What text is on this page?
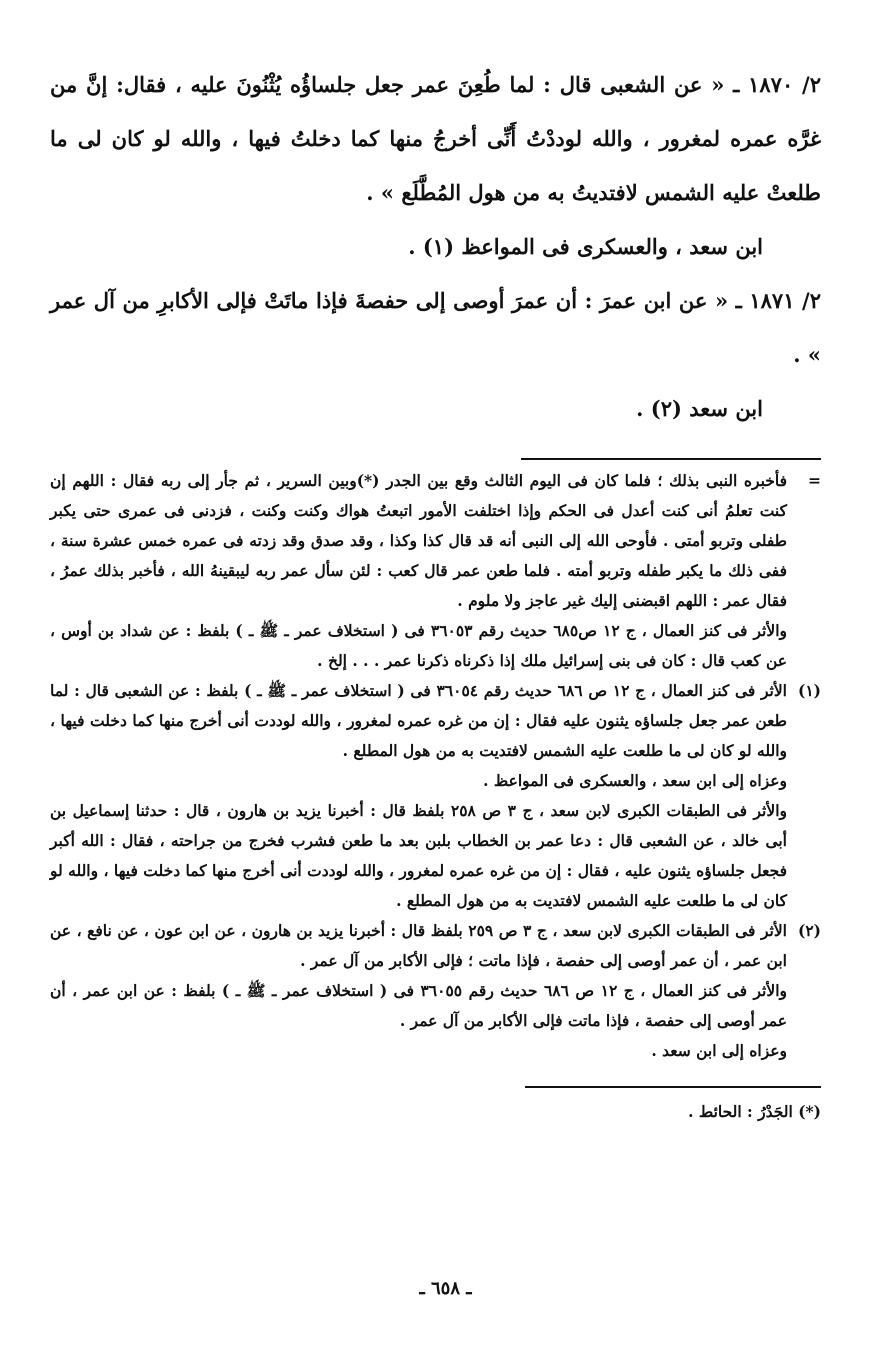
٢/ ١٨٧٠ ـ « عن الشعبى قال : لما طُعِنَ عمر جعل جلساؤُه يُثْنُونَ عليه ، فقال: إنَّ من غرَّه عمره لمغرور ، والله لوددْتُ أَنِّى أخرجُ منها كما دخلتُ فيها ، والله لو كان لى ما طلعتْ عليه الشمس لافتديتُ به من هول المُطَّلَع » .

ابن سعد ، والعسكرى فى المواعظ (١) .

٢/ ١٨٧١ ـ « عن ابن عمرَ : أن عمرَ أوصى إلى حفصةَ فإذا ماتَتْ فإلى الأكابرِ من آل عمر » .

ابن سعد (٢) .

=
فأخبره النبى بذلك ؛ فلما كان فى اليوم الثالث وقع بين الجدر (*)وبين السرير ، ثم جأر إلى ربه فقال : اللهم إن كنت تعلمُ أنى كنت أعدل فى الحكم وإذا اختلفت الأمور اتبعتُ هواك وكنت وكنت ، فزدنى فى عمرى حتى يكبر طفلى وتربو أمتى . فأوحى الله إلى النبى أنه قد قال كذا وكذا ، وقد صدق وقد زدته فى عمره خمس عشرة سنة ، ففى ذلك ما يكبر طفله وتربو أمته . فلما طعن عمر قال كعب : لئن سأل عمر ربه ليبقينهُ الله ، فأخبر بذلك عمرُ ، فقال عمر : اللهم اقبضنى إليك غير عاجز ولا ملوم .

والأثر فى كنز العمال ، ج ١٢ ص٦٨٥ حديث رقم ٣٦٠٥٣ فى ( استخلاف عمر ـ ﷺ ـ ) بلفظ : عن شداد بن أوس ، عن كعب قال : كان فى بنى إسرائيل ملك إذا ذكرناه ذكرنا عمر . . . إلخ .

(١)
الأثر فى كنز العمال ، ج ١٢ ص ٦٨٦ حديث رقم ٣٦٠٥٤ فى ( استخلاف عمر ـ ﷺ ـ ) بلفظ : عن الشعبى قال : لما طعن عمر جعل جلساؤه يثنون عليه فقال : إن من غره عمره لمغرور ، والله لوددت أنى أخرج منها كما دخلت فيها ، والله لو كان لى ما طلعت عليه الشمس لافتديت به من هول المطلع .

وعزاه إلى ابن سعد ، والعسكرى فى المواعظ .

والأثر فى الطبقات الكبرى لابن سعد ، ج ٣ ص ٢٥٨ بلفظ قال : أخبرنا يزيد بن هارون ، قال : حدثنا إسماعيل بن أبى خالد ، عن الشعبى قال : دعا عمر بن الخطاب بلبن بعد ما طعن فشرب فخرج من جراحته ، فقال : الله أكبر فجعل جلساؤه يثنون عليه ، فقال : إن من غره عمره لمغرور ، والله لوددت أنى أخرج منها كما دخلت فيها ، والله لو كان لى ما طلعت عليه الشمس لافتديت به من هول المطلع .

(٢)
الأثر فى الطبقات الكبرى لابن سعد ، ج ٣ ص ٢٥٩ بلفظ قال : أخبرنا يزيد بن هارون ، عن ابن عون ، عن نافع ، عن ابن عمر ، أن عمر أوصى إلى حفصة ، فإذا ماتت ؛ فإلى الأكابر من آل عمر .

والأثر فى كنز العمال ، ج ١٢ ص ٦٨٦ حديث رقم ٣٦٠٥٥ فى ( استخلاف عمر ـ ﷺ ـ ) بلفظ : عن ابن عمر ، أن عمر أوصى إلى حفصة ، فإذا ماتت فإلى الأكابر من آل عمر .

وعزاه إلى ابن سعد .

(*) الجَدْرُ : الحائط .

ـ ٦٥٨ ـ
